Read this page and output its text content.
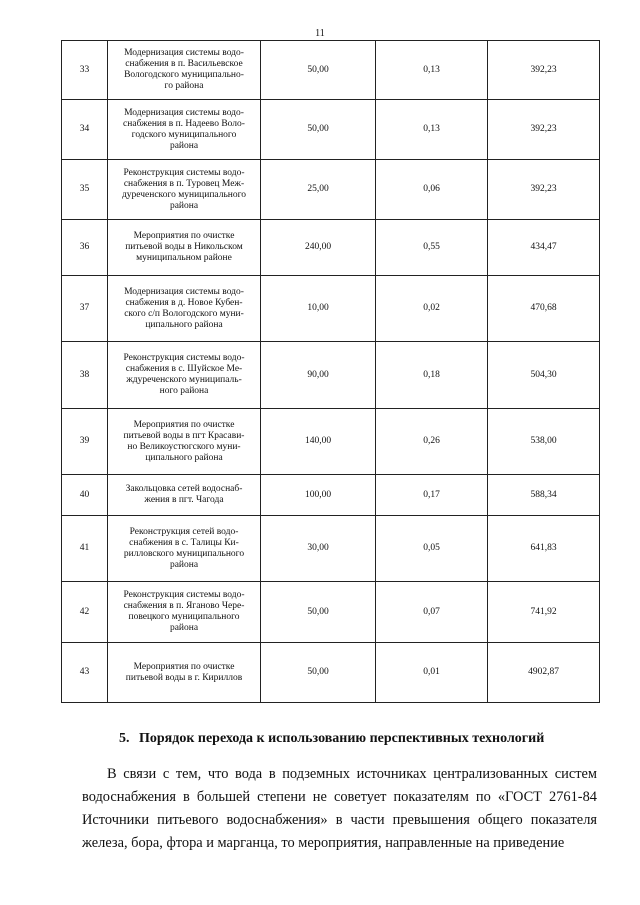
11
33	Модернизация системы водо-
снабжения в п. Васильевское
Вологодского муниципально-
го района	50,00	0,13	392,23
34	Модернизация системы водо-
снабжения в п. Надеево Воло-
годского муниципального
района	50,00	0,13	392,23
35	Реконструкция системы водо-
снабжения в п. Туровец Меж-
дуреченского муниципального
района	25,00	0,06	392,23
36	Мероприятия по очистке
питьевой воды в Никольском
муниципальном районе	240,00	0,55	434,47
37	Модернизация системы водо-
снабжения в д. Новое Кубен-
ского с/п Вологодского муни-
ципального района	10,00	0,02	470,68
38	Реконструкция системы водо-
снабжения в с. Шуйское Ме-
ждуреченского муниципаль-
ного района	90,00	0,18	504,30
39	Мероприятия по очистке
питьевой воды в пгт Красави-
но Великоустюгского муни-
ципального района	140,00	0,26	538,00
40	Закольцовка сетей водоснаб-
жения в пгт. Чагода	100,00	0,17	588,34
41	Реконструкция сетей водо-
снабжения в с. Талицы Ки-
рилловского муниципального
района	30,00	0,05	641,83
42	Реконструкция системы водо-
снабжения в п. Ягановo Чере-
повецкого муниципального
района	50,00	0,07	741,92
43	Мероприятия по очистке
питьевой воды в г. Кириллов	50,00	0,01	4902,87
5. Порядок перехода к использованию перспективных технологий

В связи с тем, что вода в подземных источниках централизованных систем водоснабжения в большей степени не советует показателям по «ГОСТ 2761-84 Источники питьевого водоснабжения» в части превышения общего показателя железа, бора, фтора и марганца, то мероприятия, направленные на приведение
